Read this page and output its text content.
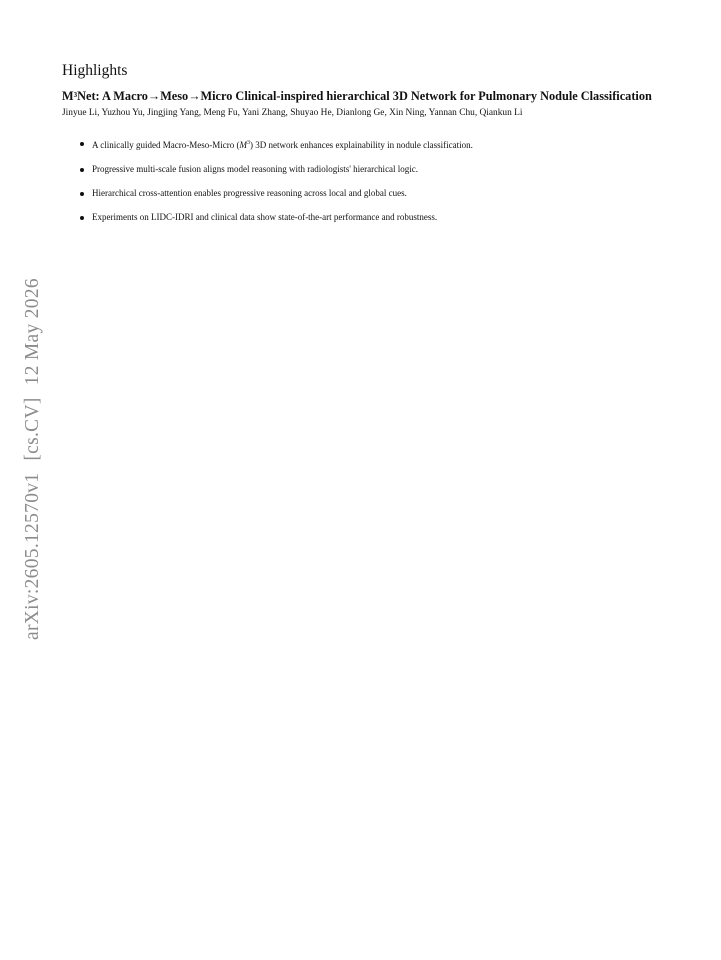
arXiv:2605.12570v1[cs.CV]12 May 2026
Highlights
$M^3Net$: A Macro→Meso→Micro Clinical-inspired hierarchical 3D Network for Pulmonary Nodule Classification
Jinyue Li, Yuzhou Yu, Jingjing Yang, Meng Fu, Yani Zhang, Shuyao He, Dianlong Ge, Xin Ning, Yannan Chu, Qiankun Li
A clinically guided Macro-Meso-Micro $(M^3)$ 3D network enhances explainability in nodule classification.
Progressive multi-scale fusion aligns model reasoning with radiologists' hierarchical logic.
Hierarchical cross-attention enables progressive reasoning across local and global cues.
Experiments on LIDC-IDRI and clinical data show state-of-the-art performance and robustness.
